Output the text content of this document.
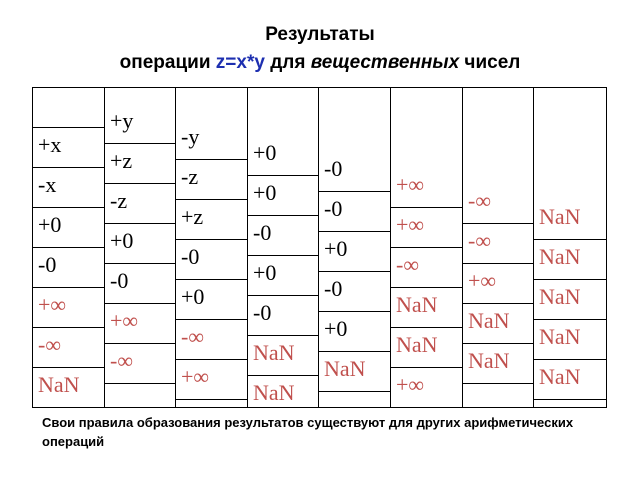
Результаты
операции z=x*y для вещественных чисел
+y
-y
+0
-0
+∞
-∞
NaN
+x
-x
+0
-0
+∞
-∞
NaN
+z
-z
+0
-0
+∞
-∞
NaN
-z
+z
-0
+0
-∞
+∞
NaN
+0
-0
+0
-0
NaN
NaN
NaN
-0
+0
-0
+0
NaN
NaN
NaN
+∞
-∞
NaN
NaN
+∞
-∞
+∞
NaN
Свои правила образования результатов существуют для других арифметических операций
